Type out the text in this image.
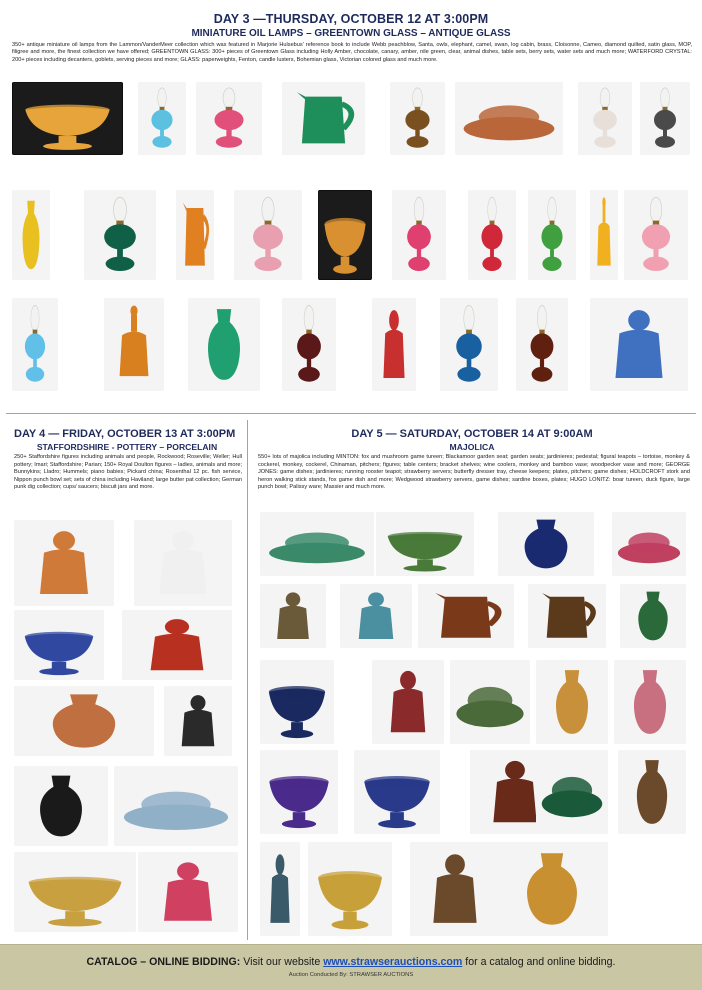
DAY 3 —THURSDAY, OCTOBER 12 AT 3:00PM
MINIATURE OIL LAMPS – GREENTOWN GLASS – ANTIQUE GLASS
350+ antique miniature oil lamps from the Lammon/VanderMeer collection which was featured in Marjorie Hulsebus' reference book to include Webb peachblow, Santa, owls, elephant, camel, swan, log cabin, brass, Cloisonne, Cameo, diamond quilted, satin glass, MOP, filigree and more, the finest collection we have offered; GREENTOWN GLASS: 300+ pieces of Greentown Glass including Holly Amber, chocolate, canary, amber, nile green, clear, animal dishes, table sets, berry sets, water sets and much more; WATERFORD CRYSTAL: 200+ pieces including decanters, goblets, serving pieces and more; GLASS: paperweights, Fenton, candle lusters, Bohemian glass, Victorian colored glass and much more.
DAY 4 — FRIDAY, OCTOBER 13 AT 3:00PM
STAFFORDSHIRE - POTTERY – PORCELAIN
250+ Staffordshire figures including animals and people, Rockwood; Roseville; Weller; Hull pottery; Imari; Staffordshire; Parian; 150+ Royal Doulton figures – ladies, animals and more; Bunnykins; Lladro; Hummels; piano babies; Pickard china; Rosenthal 12 pc. fish service, Nippon punch bowl set; sets of china including Haviland; large butter pat collection; German punk dig collection; cups/ saucers; biscuit jars and more.
DAY 5 — SATURDAY, OCTOBER 14 AT 9:00AM
MAJOLICA
550+ lots of majolica including MINTON: fox and mushroom game tureen; Blackamoor garden seat; garden seats; jardinieres; pedestal; figural teapots – tortoise, monkey & cockerel, monkey, cockerel, Chinaman, pitchers; figures; table centers; bracket shelves; wine coolers, monkey and bamboo vase; woodpecker vase and more; GEORGE JONES: game dishes; jardinieres; running rooster teapot; strawberry servers; butterfly dresser tray, cheese keepers; plates, pitchers; game dishes; HOLDCROFT stork and heron walking stick stands, fox game dish and more; Wedgwood strawberry servers, game dishes; sardine boxes, plates; HUGO LONITZ: boar tureen, duck figure, large punch bowl; Palissy ware; Massier and much more.
CATALOG – ONLINE BIDDING: Visit our website www.strawserauctions.com for a catalog and online bidding.
Auction Conducted By: STRAWSER AUCTIONS
